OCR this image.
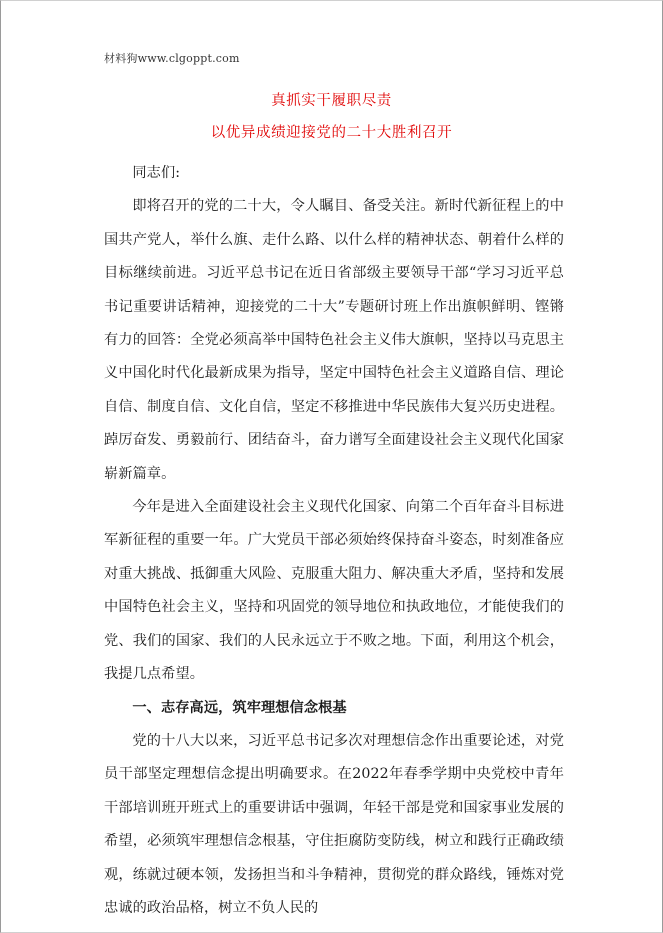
材料狗www.clgoppt.com
真抓实干履职尽责
以优异成绩迎接党的二十大胜利召开

同志们:

即将召开的党的二十大，令人瞩目、备受关注。新时代新征程上的中国共产党人，举什么旗、走什么路、以什么样的精神状态、朝着什么样的目标继续前进。习近平总书记在近日省部级主要领导干部“学习习近平总书记重要讲话精神，迎接党的二十大”专题研讨班上作出旗帜鲜明、铿锵有力的回答：全党必须高举中国特色社会主义伟大旗帜，坚持以马克思主义中国化时代化最新成果为指导，坚定中国特色社会主义道路自信、理论自信、制度自信、文化自信，坚定不移推进中华民族伟大复兴历史进程。踔厉奋发、勇毅前行、团结奋斗，奋力谱写全面建设社会主义现代化国家崭新篇章。

今年是进入全面建设社会主义现代化国家、向第二个百年奋斗目标进军新征程的重要一年。广大党员干部必须始终保持奋斗姿态，时刻准备应对重大挑战、抵御重大风险、克服重大阻力、解决重大矛盾，坚持和发展中国特色社会主义，坚持和巩固党的领导地位和执政地位，才能使我们的党、我们的国家、我们的人民永远立于不败之地。下面，利用这个机会，我提几点希望。

一、志存高远，筑牢理想信念根基

党的十八大以来，习近平总书记多次对理想信念作出重要论述，对党员干部坚定理想信念提出明确要求。在2022年春季学期中央党校中青年干部培训班开班式上的重要讲话中强调，年轻干部是党和国家事业发展的希望，必须筑牢理想信念根基，守住拒腐防变防线，树立和践行正确政绩观，练就过硬本领，发扬担当和斗争精神，贯彻党的群众路线，锤炼对党忠诚的政治品格，树立不负人民的
